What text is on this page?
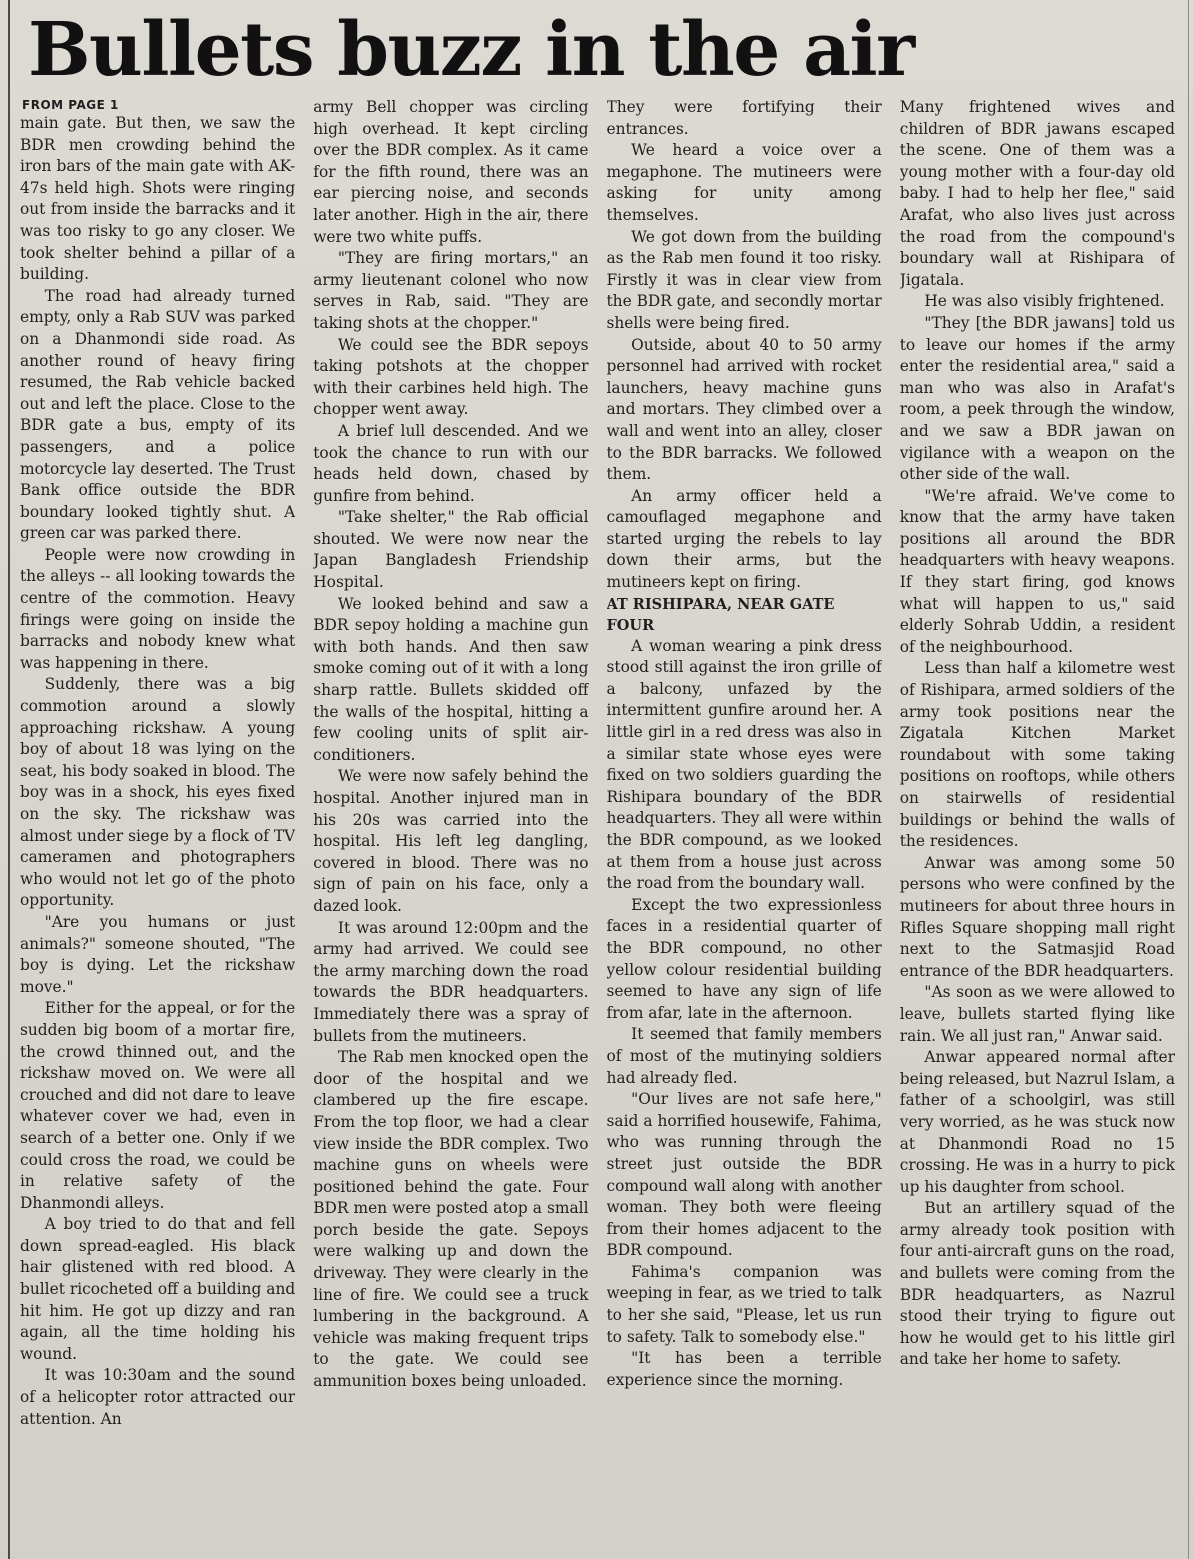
Bullets buzz in the air
FROM PAGE 1

main gate. But then, we saw the BDR men crowding behind the iron bars of the main gate with AK-47s held high. Shots were ringing out from inside the barracks and it was too risky to go any closer. We took shelter behind a pillar of a building.

The road had already turned empty, only a Rab SUV was parked on a Dhanmondi side road. As another round of heavy firing resumed, the Rab vehicle backed out and left the place. Close to the BDR gate a bus, empty of its passengers, and a police motorcycle lay deserted. The Trust Bank office outside the BDR boundary looked tightly shut. A green car was parked there.

People were now crowding in the alleys -- all looking towards the centre of the commotion. Heavy firings were going on inside the barracks and nobody knew what was happening in there.

Suddenly, there was a big commotion around a slowly approaching rickshaw. A young boy of about 18 was lying on the seat, his body soaked in blood. The boy was in a shock, his eyes fixed on the sky. The rickshaw was almost under siege by a flock of TV cameramen and photographers who would not let go of the photo opportunity.

"Are you humans or just animals?" someone shouted, "The boy is dying. Let the rickshaw move."

Either for the appeal, or for the sudden big boom of a mortar fire, the crowd thinned out, and the rickshaw moved on. We were all crouched and did not dare to leave whatever cover we had, even in search of a better one. Only if we could cross the road, we could be in relative safety of the Dhanmondi alleys.

A boy tried to do that and fell down spread-eagled. His black hair glistened with red blood. A bullet ricocheted off a building and hit him. He got up dizzy and ran again, all the time holding his wound.

It was 10:30am and the sound of a helicopter rotor attracted our attention. An

army Bell chopper was circling high overhead. It kept circling over the BDR complex. As it came for the fifth round, there was an ear piercing noise, and seconds later another. High in the air, there were two white puffs.

"They are firing mortars," an army lieutenant colonel who now serves in Rab, said. "They are taking shots at the chopper."

We could see the BDR sepoys taking potshots at the chopper with their carbines held high. The chopper went away.

A brief lull descended. And we took the chance to run with our heads held down, chased by gunfire from behind.

"Take shelter," the Rab official shouted. We were now near the Japan Bangladesh Friendship Hospital.

We looked behind and saw a BDR sepoy holding a machine gun with both hands. And then saw smoke coming out of it with a long sharp rattle. Bullets skidded off the walls of the hospital, hitting a few cooling units of split air-conditioners.

We were now safely behind the hospital. Another injured man in his 20s was carried into the hospital. His left leg dangling, covered in blood. There was no sign of pain on his face, only a dazed look.

It was around 12:00pm and the army had arrived. We could see the army marching down the road towards the BDR headquarters. Immediately there was a spray of bullets from the mutineers.

The Rab men knocked open the door of the hospital and we clambered up the fire escape. From the top floor, we had a clear view inside the BDR complex. Two machine guns on wheels were positioned behind the gate. Four BDR men were posted atop a small porch beside the gate. Sepoys were walking up and down the driveway. They were clearly in the line of fire. We could see a truck lumbering in the background. A vehicle was making frequent trips to the gate. We could see ammunition boxes being unloaded.

They were fortifying their entrances.

We heard a voice over a megaphone. The mutineers were asking for unity among themselves.

We got down from the building as the Rab men found it too risky. Firstly it was in clear view from the BDR gate, and secondly mortar shells were being fired.

Outside, about 40 to 50 army personnel had arrived with rocket launchers, heavy machine guns and mortars. They climbed over a wall and went into an alley, closer to the BDR barracks. We followed them.

An army officer held a camouflaged megaphone and started urging the rebels to lay down their arms, but the mutineers kept on firing.

AT RISHIPARA, NEAR GATE FOUR

A woman wearing a pink dress stood still against the iron grille of a balcony, unfazed by the intermittent gunfire around her. A little girl in a red dress was also in a similar state whose eyes were fixed on two soldiers guarding the Rishipara boundary of the BDR headquarters. They all were within the BDR compound, as we looked at them from a house just across the road from the boundary wall.

Except the two expressionless faces in a residential quarter of the BDR compound, no other yellow colour residential building seemed to have any sign of life from afar, late in the afternoon.

It seemed that family members of most of the mutinying soldiers had already fled.

"Our lives are not safe here," said a horrified housewife, Fahima, who was running through the street just outside the BDR compound wall along with another woman. They both were fleeing from their homes adjacent to the BDR compound.

Fahima's companion was weeping in fear, as we tried to talk to her she said, "Please, let us run to safety. Talk to somebody else."

"It has been a terrible experience since the morning.

Many frightened wives and children of BDR jawans escaped the scene. One of them was a young mother with a four-day old baby. I had to help her flee," said Arafat, who also lives just across the road from the compound's boundary wall at Rishipara of Jigatala.

He was also visibly frightened.

"They [the BDR jawans] told us to leave our homes if the army enter the residential area," said a man who was also in Arafat's room, a peek through the window, and we saw a BDR jawan on vigilance with a weapon on the other side of the wall.

"We're afraid. We've come to know that the army have taken positions all around the BDR headquarters with heavy weapons. If they start firing, god knows what will happen to us," said elderly Sohrab Uddin, a resident of the neighbourhood.

Less than half a kilometre west of Rishipara, armed soldiers of the army took positions near the Zigatala Kitchen Market roundabout with some taking positions on rooftops, while others on stairwells of residential buildings or behind the walls of the residences.

Anwar was among some 50 persons who were confined by the mutineers for about three hours in Rifles Square shopping mall right next to the Satmasjid Road entrance of the BDR headquarters.

"As soon as we were allowed to leave, bullets started flying like rain. We all just ran," Anwar said.

Anwar appeared normal after being released, but Nazrul Islam, a father of a schoolgirl, was still very worried, as he was stuck now at Dhanmondi Road no 15 crossing. He was in a hurry to pick up his daughter from school.

But an artillery squad of the army already took position with four anti-aircraft guns on the road, and bullets were coming from the BDR headquarters, as Nazrul stood their trying to figure out how he would get to his little girl and take her home to safety.
